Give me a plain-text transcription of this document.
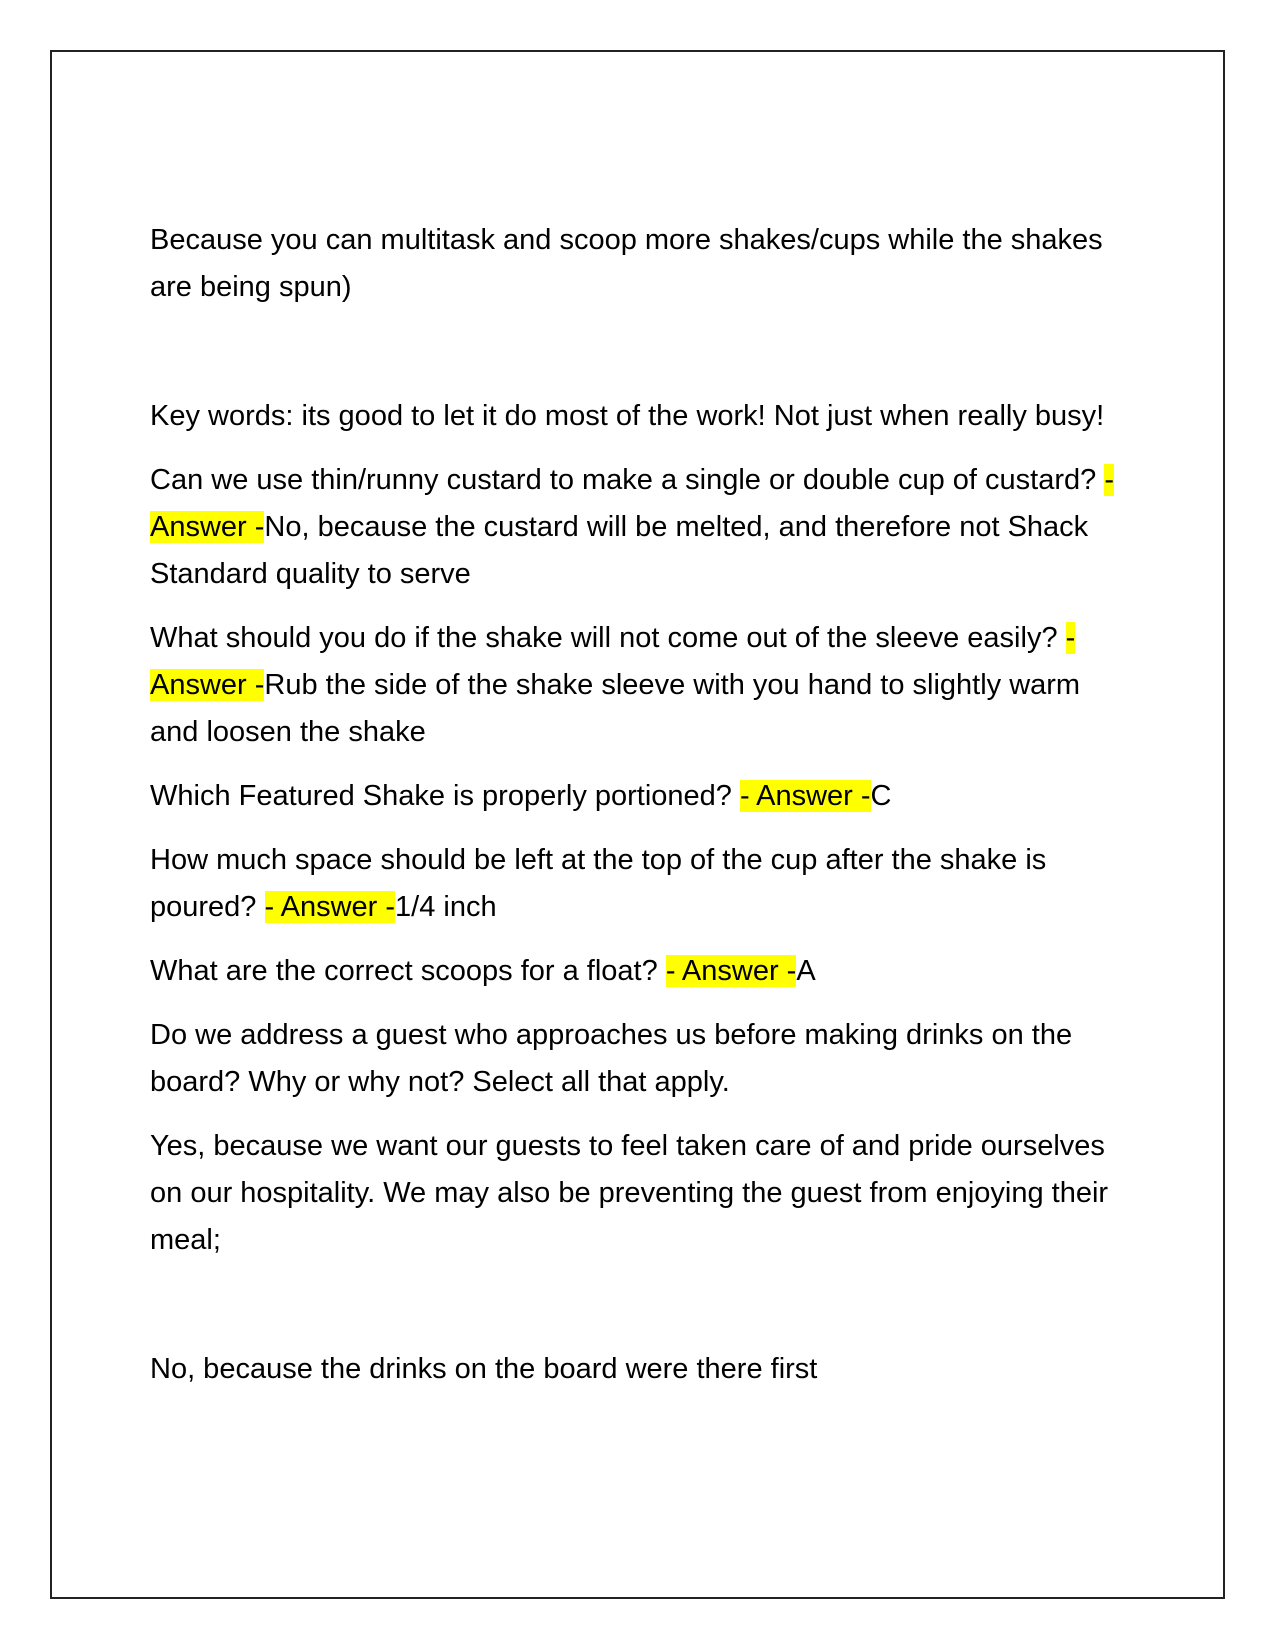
Because you can multitask and scoop more shakes/cups while the shakes are being spun)

Key words: its good to let it do most of the work! Not just when really busy!

Can we use thin/runny custard to make a single or double cup of custard? - Answer -No, because the custard will be melted, and therefore not Shack Standard quality to serve

What should you do if the shake will not come out of the sleeve easily? - Answer -Rub the side of the shake sleeve with you hand to slightly warm and loosen the shake

Which Featured Shake is properly portioned? - Answer -C

How much space should be left at the top of the cup after the shake is poured? - Answer -1/4 inch

What are the correct scoops for a float? - Answer -A

Do we address a guest who approaches us before making drinks on the board? Why or why not? Select all that apply.

Yes, because we want our guests to feel taken care of and pride ourselves on our hospitality. We may also be preventing the guest from enjoying their meal;

No, because the drinks on the board were there first
